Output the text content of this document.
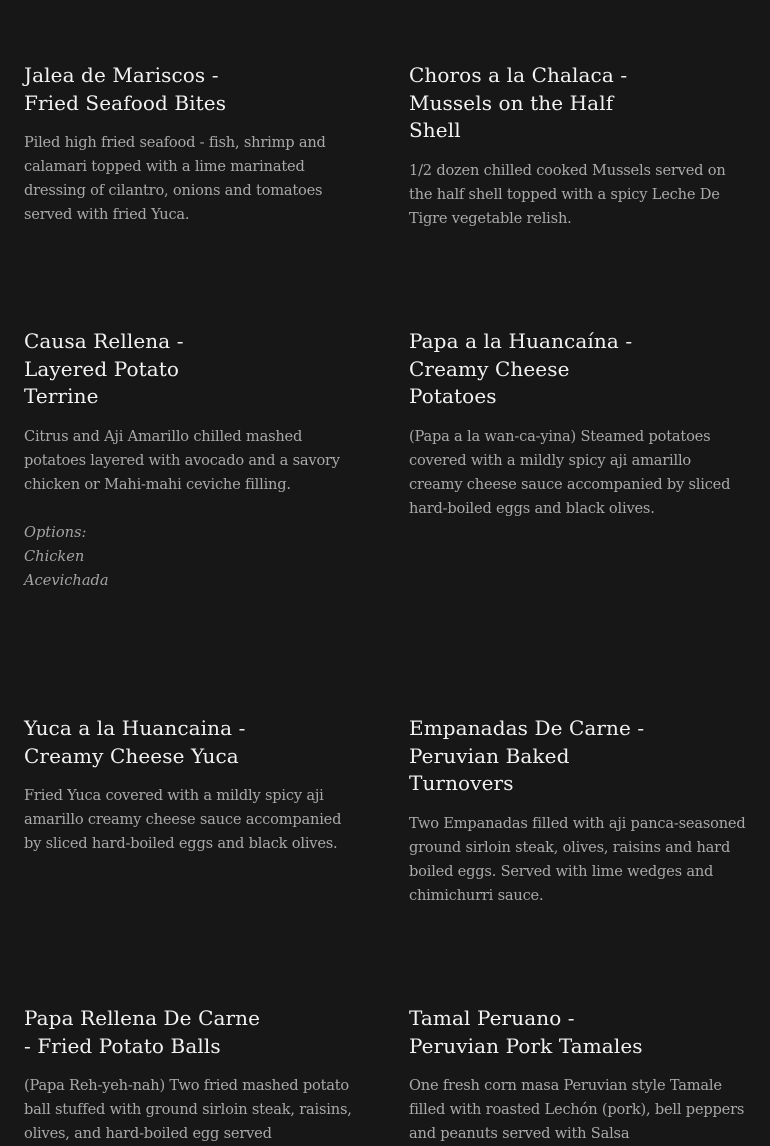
Jalea de Mariscos -
Fried Seafood Bites

Piled high fried seafood - fish, shrimp and calamari topped with a lime marinated dressing of cilantro, onions and tomatoes served with fried Yuca.

Choros a la Chalaca -
Mussels on the Half
Shell

1/2 dozen chilled cooked Mussels served on the half shell topped with a spicy Leche De Tigre vegetable relish.

Causa Rellena -
Layered Potato
Terrine

Citrus and Aji Amarillo chilled mashed potatoes layered with avocado and a savory chicken or Mahi-mahi ceviche filling.

Options:
Chicken
Acevichada
Papa a la Huancaína -
Creamy Cheese
Potatoes

(Papa a la wan-ca-yina) Steamed potatoes covered with a mildly spicy aji amarillo creamy cheese sauce accompanied by sliced hard-boiled eggs and black olives.

Yuca a la Huancaina -
Creamy Cheese Yuca

Fried Yuca covered with a mildly spicy aji amarillo creamy cheese sauce accompanied by sliced hard-boiled eggs and black olives.

Empanadas De Carne -
Peruvian Baked
Turnovers

Two Empanadas filled with aji panca-seasoned ground sirloin steak, olives, raisins and hard boiled eggs. Served with lime wedges and chimichurri sauce.

Papa Rellena De Carne
- Fried Potato Balls

(Papa Reh-yeh-nah) Two fried mashed potato ball stuffed with ground sirloin steak, raisins, olives, and hard-boiled egg served

Tamal Peruano -
Peruvian Pork Tamales

One fresh corn masa Peruvian style Tamale filled with roasted Lechón (pork), bell peppers and peanuts served with Salsa
